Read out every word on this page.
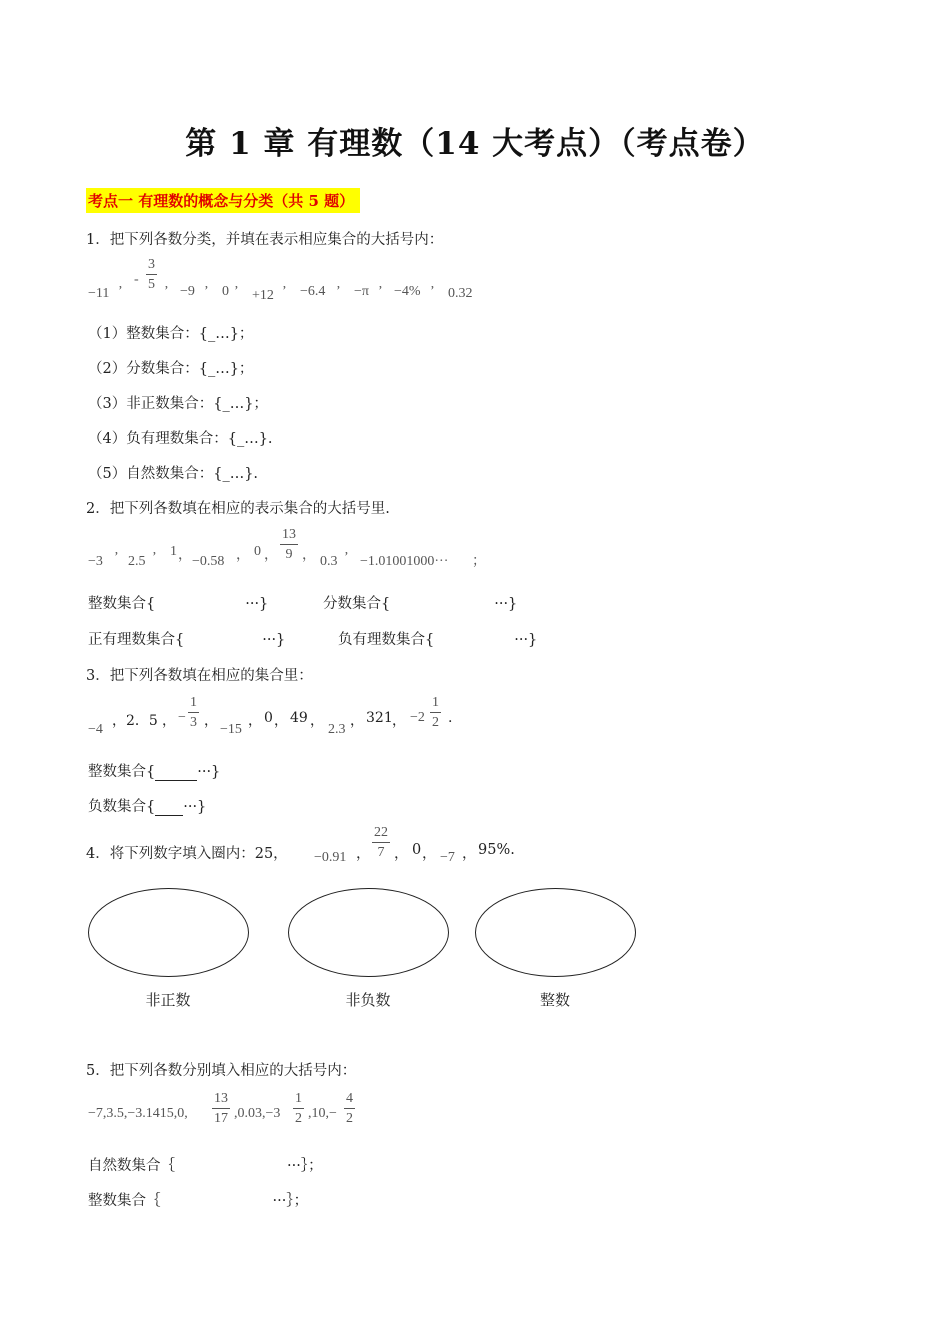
第 1 章 有理数（14 大考点）（考点卷）
考点一 有理数的概念与分类（共 5 题）
1．把下列各数分类，并填在表示相应集合的大括号内：
−11 ’
- $\frac{3}{5}$ ’ −9 ’ 0 ’ +12 ’ −6.4 ’ −π ’ −4% ’ 0.32
（1）整数集合：{_…}；
（2）分数集合：{_…}；
（3）非正数集合：{_…}；
（4）负有理数集合：{_…}.
（5）自然数集合：{_…}.
2．把下列各数填在相应的表示集合的大括号里.
−3 ’ 2.5 ’ 1 ， −0.58 ， 0 ， $\frac{13}{9}$ ， 0.3 ’ −1.01001000··· ；
整数集合{	···}	分数集合{	···}
正有理数集合{	···}	负有理数集合{	···}
3．把下列各数填在相应的集合里：
−4
， 2．5 ， − $\frac{1}{3}$ ，
−15
， 0 ， 49 ，
2.3
， 321 ， $-2 \frac{1}{2}$ .
整数集合{	···}
负数集合{ ···}
4．将下列数字填入圈内：25， −0.91 ， $\frac{22}{7}$ ， 0 ， −7 ， 95%.
非正数	非负数	整数
5．把下列各数分别填入相应的大括号内：
−7,3.5,−3.1415,0, $\frac{13}{17} ,0.03,-3 \frac{1}{2} ,10,- \frac{4}{2}$
自然数集合｛	···｝；
整数集合｛	···｝；
